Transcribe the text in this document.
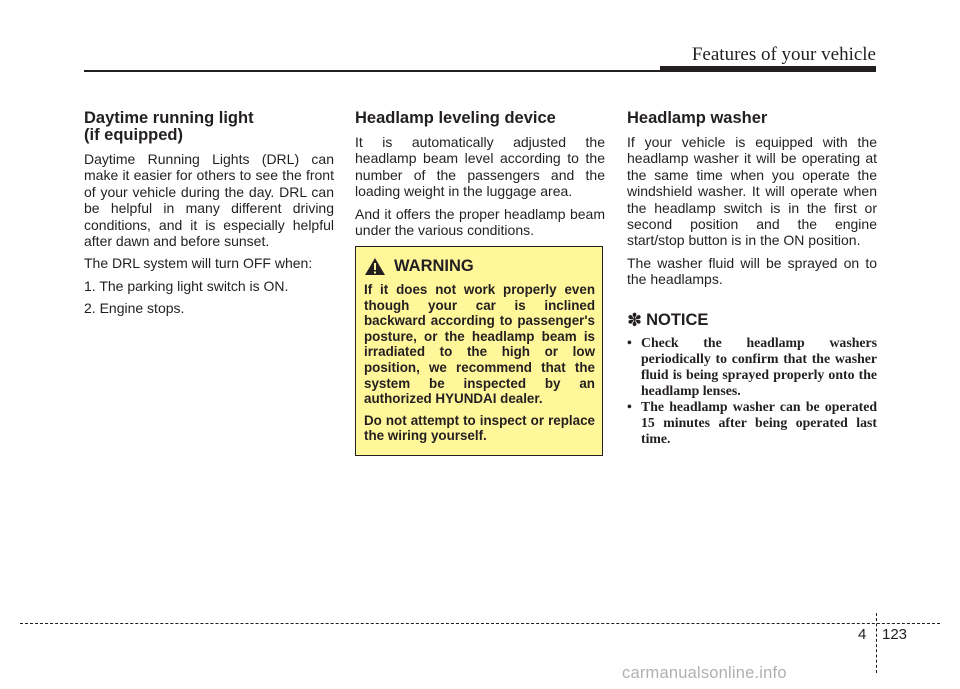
Features of your vehicle
Daytime running light
(if equipped)

Daytime Running Lights (DRL) can make it easier for others to see the front of your vehicle during the day. DRL can be helpful in many different driving conditions, and it is especially helpful after dawn and before sunset.

The DRL system will turn OFF when:

1. The parking light switch is ON.
2. Engine stops.
Headlamp leveling device

It is automatically adjusted the headlamp beam level according to the number of the passengers and the loading weight in the luggage area.

And it offers the proper headlamp beam under the various conditions.

WARNING

If it does not work properly even though your car is inclined backward according to passenger's posture, or the headlamp beam is irradiated to the high or low position, we recommend that the system be inspected by an authorized HYUNDAI dealer.

Do not attempt to inspect or replace the wiring yourself.

Headlamp washer

If your vehicle is equipped with the headlamp washer it will be operating at the same time when you operate the windshield washer. It will operate when the headlamp switch is in the first or second position and the engine start/stop button is in the ON position.

The washer fluid will be sprayed on to the headlamps.

✽ NOTICE
• Check the headlamp washers periodically to confirm that the washer fluid is being sprayed properly onto the headlamp lenses.
• The headlamp washer can be operated 15 minutes after being operated last time.
4 123
carmanualsonline.info
